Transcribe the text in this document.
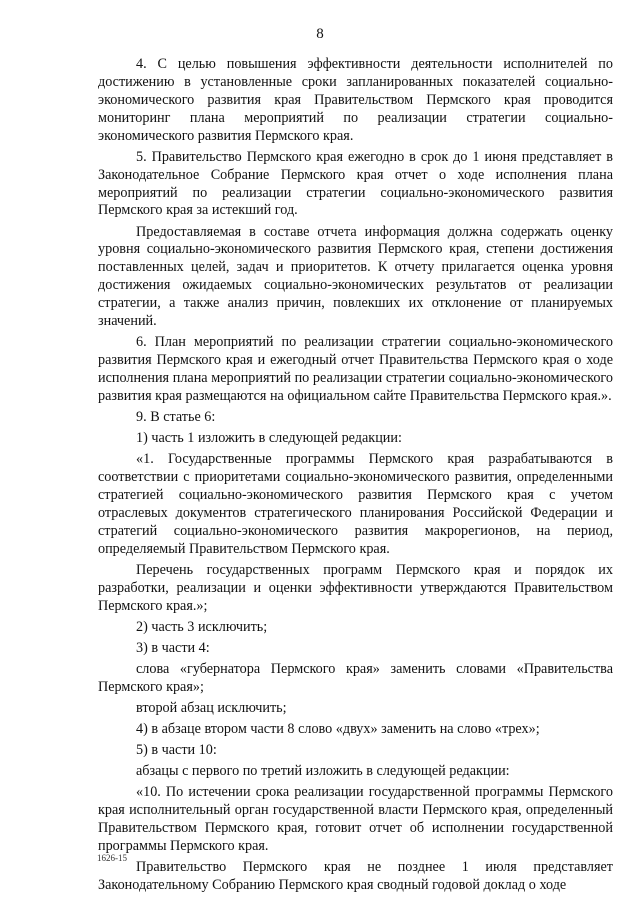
8

4. С целью повышения эффективности деятельности исполнителей по достижению в установленные сроки запланированных показателей социально-экономического развития края Правительством Пермского края проводится мониторинг плана мероприятий по реализации стратегии социально-экономического развития Пермского края.

5. Правительство Пермского края ежегодно в срок до 1 июня представляет в Законодательное Собрание Пермского края отчет о ходе исполнения плана мероприятий по реализации стратегии социально-экономического развития Пермского края за истекший год.

Предоставляемая в составе отчета информация должна содержать оценку уровня социально-экономического развития Пермского края, степени достижения поставленных целей, задач и приоритетов. К отчету прилагается оценка уровня достижения ожидаемых социально-экономических результатов от реализации стратегии, а также анализ причин, повлекших их отклонение от планируемых значений.

6. План мероприятий по реализации стратегии социально-экономического развития Пермского края и ежегодный отчет Правительства Пермского края о ходе исполнения плана мероприятий по реализации стратегии социально-экономического развития края размещаются на официальном сайте Правительства Пермского края.».

9. В статье 6:

1) часть 1 изложить в следующей редакции:

«1. Государственные программы Пермского края разрабатываются в соответствии с приоритетами социально-экономического развития, определенными стратегией социально-экономического развития Пермского края с учетом отраслевых документов стратегического планирования Российской Федерации и стратегий социально-экономического развития макрорегионов, на период, определяемый Правительством Пермского края.

Перечень государственных программ Пермского края и порядок их разработки, реализации и оценки эффективности утверждаются Правительством Пермского края.»;

2) часть 3 исключить;

3) в части 4:

слова «губернатора Пермского края» заменить словами «Правительства Пермского края»;

второй абзац исключить;

4) в абзаце втором части 8 слово «двух» заменить на слово «трех»;

5) в части 10:

абзацы с первого по третий изложить в следующей редакции:

«10. По истечении срока реализации государственной программы Пермского края исполнительный орган государственной власти Пермского края, определенный Правительством Пермского края, готовит отчет об исполнении государственной программы Пермского края.

Правительство Пермского края не позднее 1 июля представляет Законодательному Собранию Пермского края сводный годовой доклад о ходе

1626-15
